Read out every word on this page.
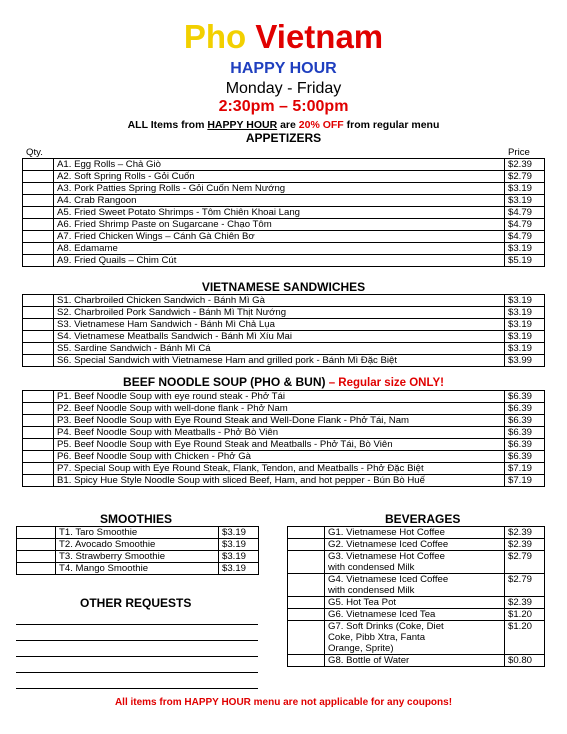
Pho Vietnam
HAPPY HOUR
Monday - Friday
2:30pm – 5:00pm
ALL Items from HAPPY HOUR are 20% OFF from regular menu
APPETIZERS
Qty.	Price

	A1. Egg Rolls – Chả Giò	$2.39

	A2. Soft Spring Rolls - Gỏi Cuốn	$2.79

	A3. Pork Patties Spring Rolls - Gỏi Cuốn Nem Nướng	$3.19

	A4. Crab Rangoon	$3.19

	A5. Fried Sweet Potato Shrimps - Tôm Chiên Khoai Lang	$4.79

	A6. Fried Shrimp Paste on Sugarcane - Chạo Tôm	$4.79

	A7. Fried Chicken Wings – Cánh Gà Chiên Bơ	$4.79

	A8. Edamame	$3.19

	A9. Fried Quails – Chim Cút	$5.19
VIETNAMESE SANDWICHES

	S1. Charbroiled Chicken Sandwich - Bánh Mì Gà	$3.19

	S2. Charbroiled Pork Sandwich - Bánh Mì Thịt Nướng	$3.19

	S3. Vietnamese Ham Sandwich - Bánh Mì Chả Lụa	$3.19

	S4. Vietnamese Meatballs Sandwich - Bánh Mì Xíu Mai	$3.19

	S5. Sardine Sandwich - Bánh Mì Cá	$3.19

	S6. Special Sandwich with Vietnamese Ham and grilled pork - Bánh Mì Đặc Biệt	$3.99
BEEF NOODLE SOUP (PHO & BUN) – Regular size ONLY!

	P1. Beef Noodle Soup with eye round steak - Phở Tái	$6.39

	P2. Beef Noodle Soup with well-done flank - Phở Nam	$6.39

	P3. Beef Noodle Soup with Eye Round Steak and Well-Done Flank - Phở Tái, Nam	$6.39

	P4. Beef Noodle Soup with Meatballs - Phở Bò Viên	$6.39

	P5. Beef Noodle Soup with Eye Round Steak and Meatballs - Phở Tái, Bò Viên	$6.39

	P6. Beef Noodle Soup with Chicken - Phở Gà	$6.39

	P7. Special Soup with Eye Round Steak, Flank, Tendon, and Meatballs - Phở Đặc Biệt	$7.19

	B1. Spicy Hue Style Noodle Soup with sliced Beef, Ham, and hot pepper - Bún Bò Huế	$7.19
SMOOTHIES

	T1. Taro Smoothie	$3.19

	T2. Avocado Smoothie	$3.19

	T3. Strawberry Smoothie	$3.19

	T4. Mango Smoothie	$3.19
OTHER REQUESTS
BEVERAGES

	G1. Vietnamese Hot Coffee	$2.39

	G2. Vietnamese Iced Coffee	$2.39

	G3. Vietnamese Hot Coffee
with condensed Milk	$2.79

	G4. Vietnamese Iced Coffee
with condensed Milk	$2.79

	G5. Hot Tea Pot	$2.39

	G6. Vietnamese Iced Tea	$1.20

	G7. Soft Drinks (Coke, Diet
Coke, Pibb Xtra, Fanta
Orange, Sprite)	$1.20

	G8. Bottle of Water	$0.80
All items from HAPPY HOUR menu are not applicable for any coupons!
